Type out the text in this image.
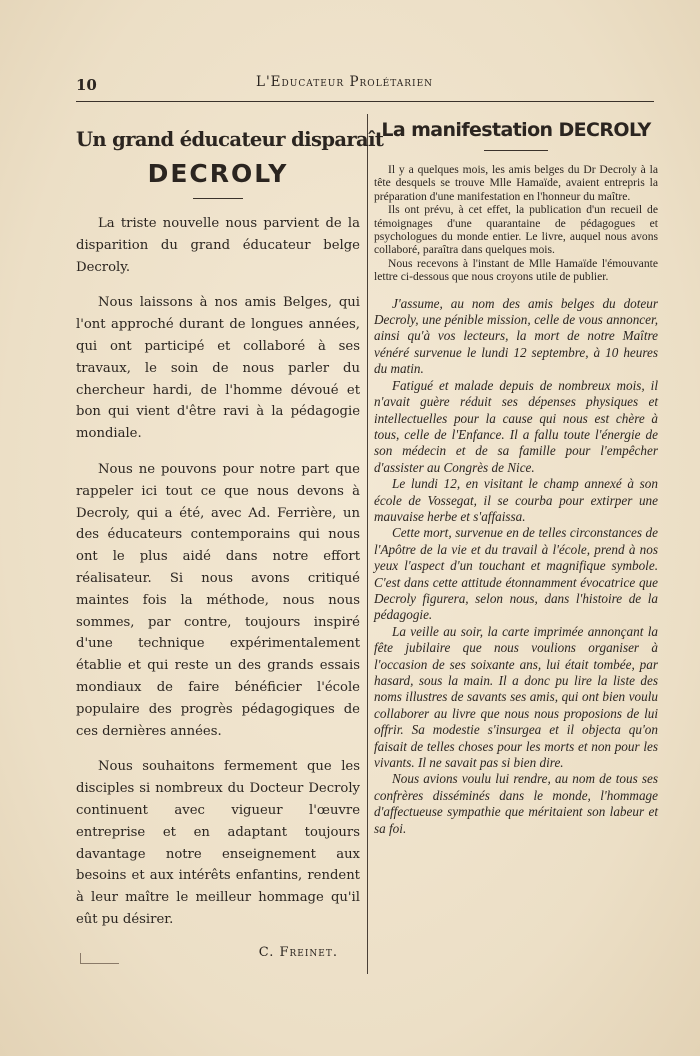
10	L'Educateur Prolétarien
Un grand éducateur disparaît
DECROLY

La triste nouvelle nous parvient de la disparition du grand éducateur belge Decroly.

Nous laissons à nos amis Belges, qui l'ont approché durant de longues années, qui ont participé et collaboré à ses travaux, le soin de nous parler du chercheur hardi, de l'homme dévoué et bon qui vient d'être ravi à la pédagogie mondiale.

Nous ne pouvons pour notre part que rappeler ici tout ce que nous devons à Decroly, qui a été, avec Ad. Ferrière, un des éducateurs contemporains qui nous ont le plus aidé dans notre effort réalisateur. Si nous avons critiqué maintes fois la méthode, nous nous sommes, par contre, toujours inspiré d'une technique expérimentalement établie et qui reste un des grands essais mondiaux de faire bénéficier l'école populaire des progrès pédagogiques de ces dernières années.

Nous souhaitons fermement que les disciples si nombreux du Docteur Decroly continuent avec vigueur l'œuvre entreprise et en adaptant toujours davantage notre enseignement aux besoins et aux intérêts enfantins, rendent à leur maître le meilleur hommage qu'il eût pu désirer.

C. Freinet.
La manifestation DECROLY

Il y a quelques mois, les amis belges du Dr Decroly à la tête desquels se trouve Mlle Hamaïde, avaient entrepris la préparation d'une manifestation en l'honneur du maître.

Ils ont prévu, à cet effet, la publication d'un recueil de témoignages d'une quarantaine de pédagogues et psychologues du monde entier. Le livre, auquel nous avons collaboré, paraîtra dans quelques mois.

Nous recevons à l'instant de Mlle Hamaïde l'émouvante lettre ci-dessous que nous croyons utile de publier.

J'assume, au nom des amis belges du doteur Decroly, une pénible mission, celle de vous annoncer, ainsi qu'à vos lecteurs, la mort de notre Maître vénéré survenue le lundi 12 septembre, à 10 heures du matin.

Fatigué et malade depuis de nombreux mois, il n'avait guère réduit ses dépenses physiques et intellectuelles pour la cause qui nous est chère à tous, celle de l'Enfance. Il a fallu toute l'énergie de son médecin et de sa famille pour l'empêcher d'assister au Congrès de Nice.

Le lundi 12, en visitant le champ annexé à son école de Vossegat, il se courba pour extirper une mauvaise herbe et s'affaissa.

Cette mort, survenue en de telles circonstances de l'Apôtre de la vie et du travail à l'école, prend à nos yeux l'aspect d'un touchant et magnifique symbole. C'est dans cette attitude étonnamment évocatrice que Decroly figurera, selon nous, dans l'histoire de la pédagogie.

La veille au soir, la carte imprimée annonçant la fête jubilaire que nous voulions organiser à l'occasion de ses soixante ans, lui était tombée, par hasard, sous la main. Il a donc pu lire la liste des noms illustres de savants ses amis, qui ont bien voulu collaborer au livre que nous nous proposions de lui offrir. Sa modestie s'insurgea et il objecta qu'on faisait de telles choses pour les morts et non pour les vivants. Il ne savait pas si bien dire.

Nous avions voulu lui rendre, au nom de tous ses confrères disséminés dans le monde, l'hommage d'affectueuse sympathie que méritaient son labeur et sa foi.
